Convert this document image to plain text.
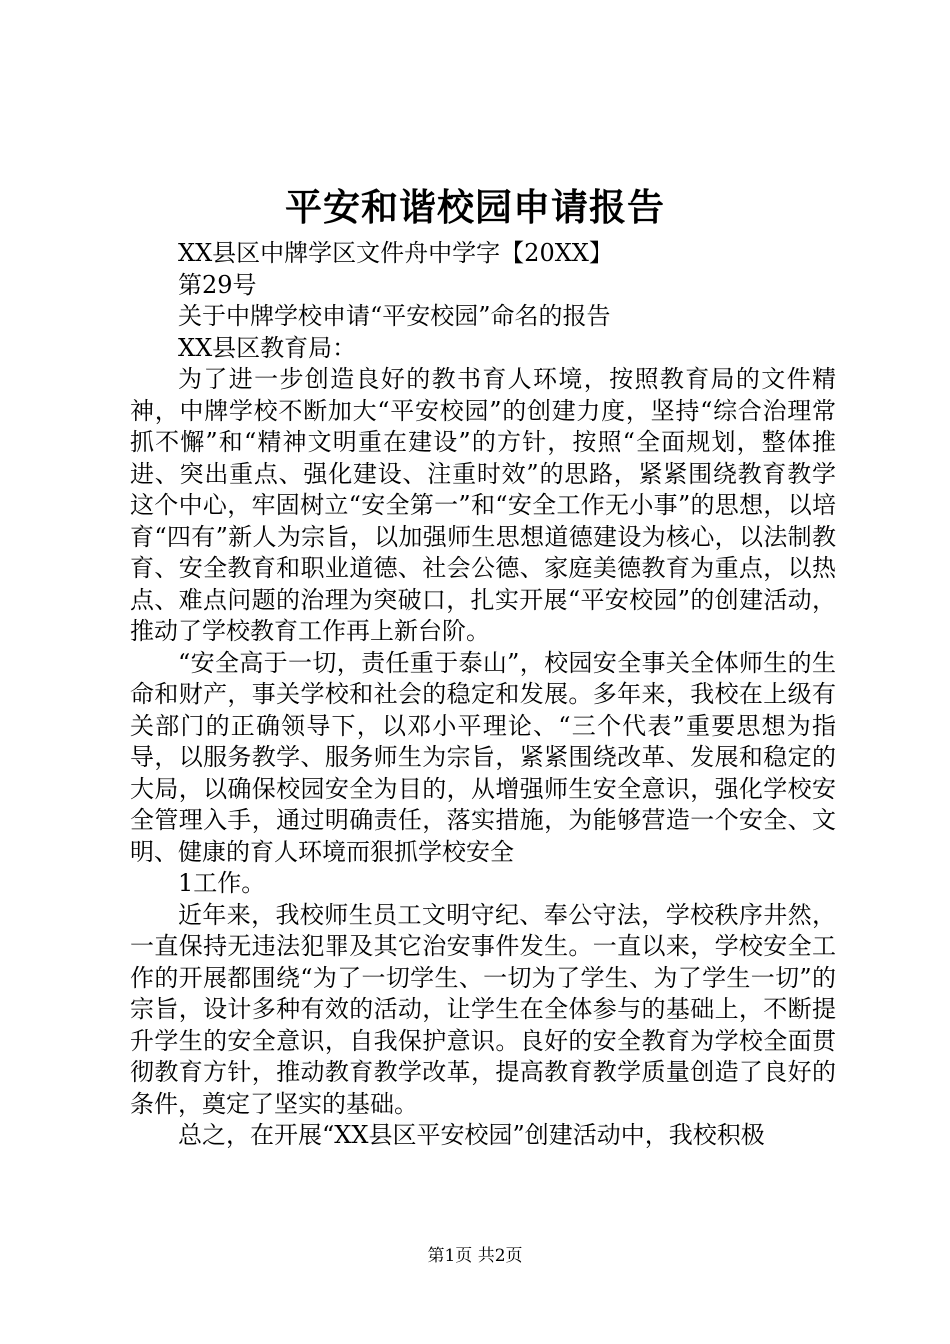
平安和谐校园申请报告

XX县区中牌学区文件舟中学字【20XX】

第29号

关于中牌学校申请“平安校园”命名的报告

XX县区教育局：

为了进一步创造良好的教书育人环境，按照教育局的文件精神，中牌学校不断加大“平安校园”的创建力度，坚持“综合治理常抓不懈”和“精神文明重在建设”的方针，按照“全面规划，整体推进、突出重点、强化建设、注重时效”的思路，紧紧围绕教育教学这个中心，牢固树立“安全第一”和“安全工作无小事”的思想，以培育“四有”新人为宗旨，以加强师生思想道德建设为核心，以法制教育、安全教育和职业道德、社会公德、家庭美德教育为重点，以热点、难点问题的治理为突破口，扎实开展“平安校园”的创建活动，推动了学校教育工作再上新台阶。

“安全高于一切，责任重于泰山”，校园安全事关全体师生的生命和财产，事关学校和社会的稳定和发展。多年来，我校在上级有关部门的正确领导下，以邓小平理论、“三个代表”重要思想为指导，以服务教学、服务师生为宗旨，紧紧围绕改革、发展和稳定的大局，以确保校园安全为目的，从增强师生安全意识，强化学校安全管理入手，通过明确责任，落实措施，为能够营造一个安全、文明、健康的育人环境而狠抓学校安全

1工作。

近年来，我校师生员工文明守纪、奉公守法，学校秩序井然，一直保持无违法犯罪及其它治安事件发生。一直以来，学校安全工作的开展都围绕“为了一切学生、一切为了学生、为了学生一切”的宗旨，设计多种有效的活动，让学生在全体参与的基础上，不断提升学生的安全意识，自我保护意识。良好的安全教育为学校全面贯彻教育方针，推动教育教学改革，提高教育教学质量创造了良好的条件，奠定了坚实的基础。

总之，在开展“XX县区平安校园”创建活动中，我校积极

第1页 共2页
